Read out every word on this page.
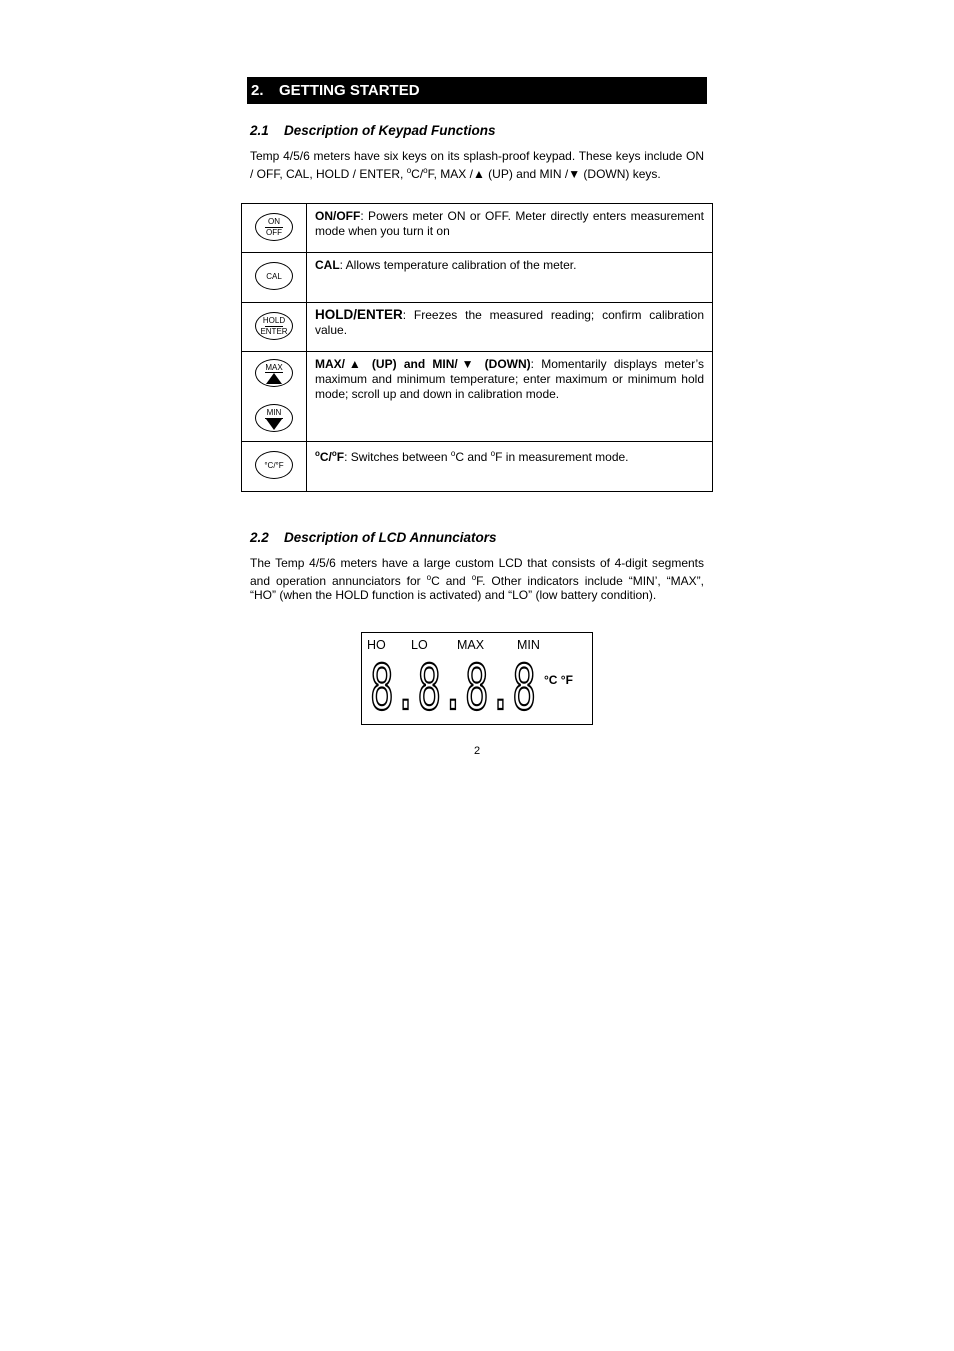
2. GETTING STARTED
2.1 Description of Keypad Functions
Temp 4/5/6 meters have six keys on its splash-proof keypad. These keys include ON / OFF, CAL, HOLD / ENTER, $^o$C/$^o$F, MAX /▲ (UP) and MIN /▼ (DOWN) keys.
ON
OFF	ON/OFF: Powers meter ON or OFF. Meter directly enters measurement mode when you turn it on

CAL	CAL: Allows temperature calibration of the meter.

HOLD
ENTER	HOLD/ENTER: Freezes the measured reading; confirm calibration value.

MAX

MIN	MAX/▲ (UP) and MIN/▼ (DOWN): Momentarily displays meter’s maximum and minimum temperature; enter maximum or minimum hold mode; scroll up and down in calibration mode.

°C/°F	$^o$C/$^o$F: Switches between $^o$C and $^o$F in measurement mode.
2.2 Description of LCD Annunciators
The Temp 4/5/6 meters have a large custom LCD that consists of 4-digit segments and operation annunciators for $^o$C and $^o$F. Other indicators include “MIN’, “MAX”, “HO” (when the HOLD function is activated) and “LO” (low battery condition).
HO LO MAX	MIN
8.8.8.8 °C °F
2
